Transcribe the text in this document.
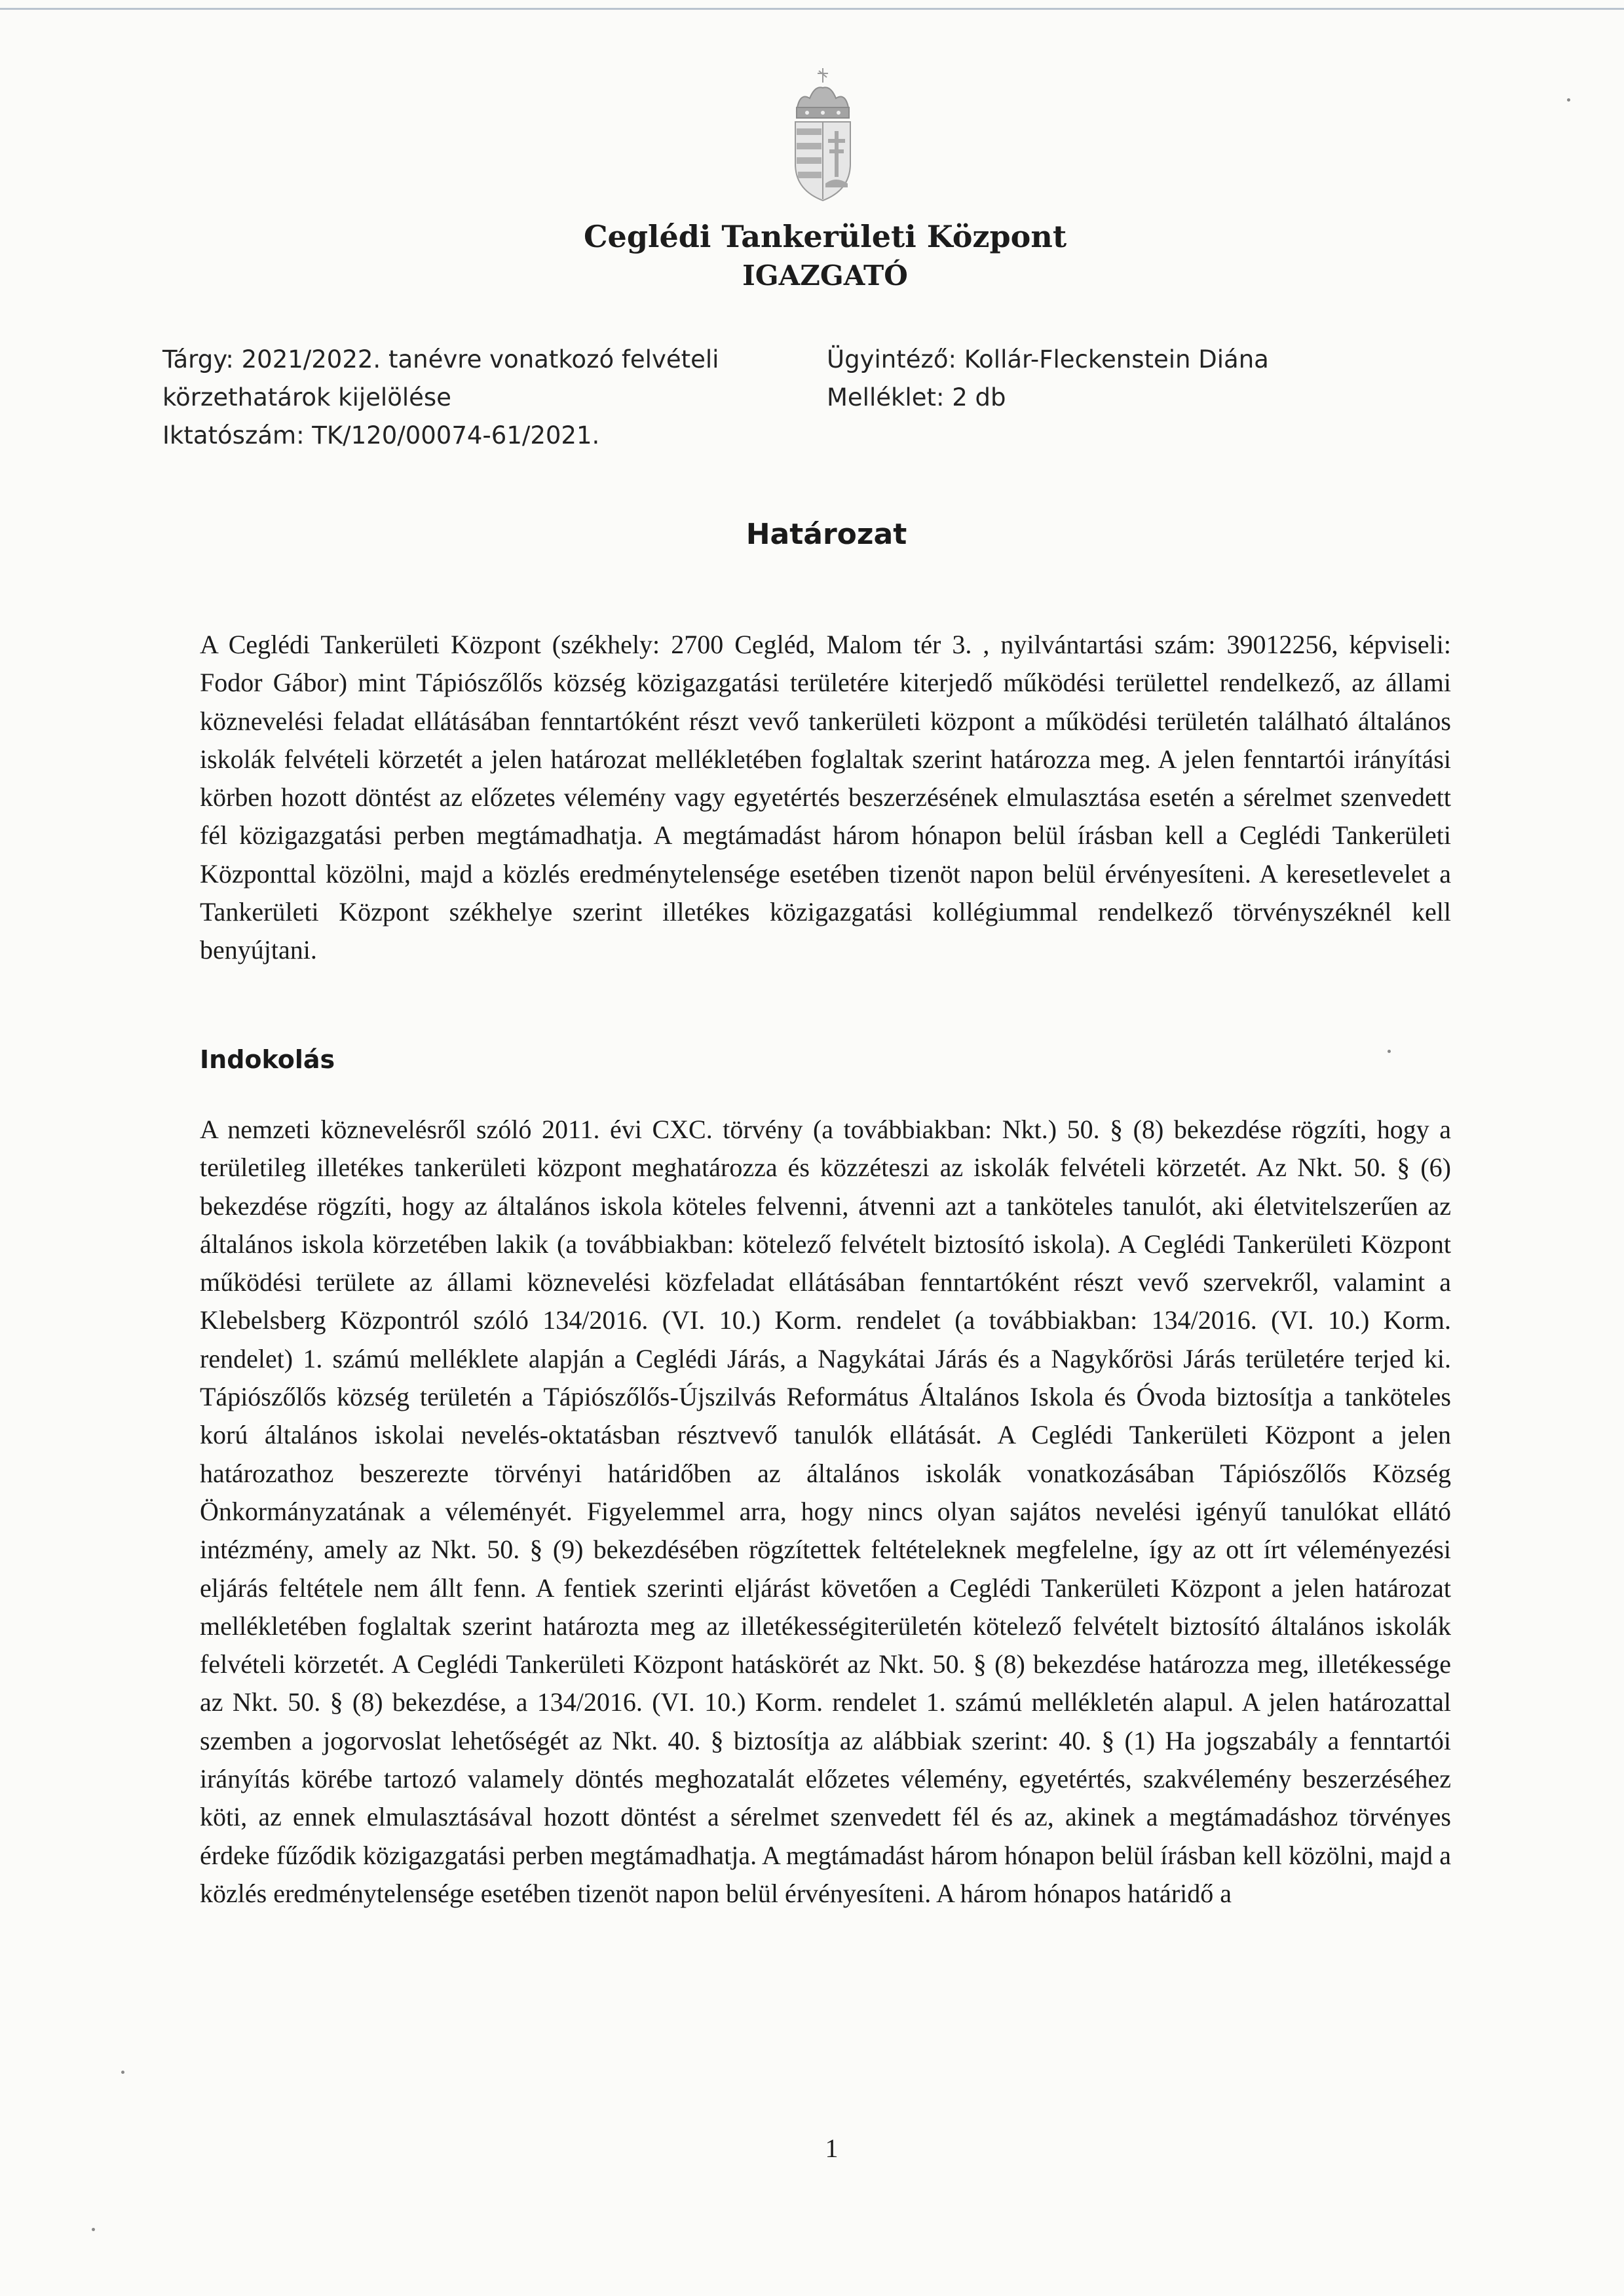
Ceglédi Tankerületi Központ
IGAZGATÓ
Tárgy: 2021/2022. tanévre vonatkozó felvételi
körzethatárok kijelölése
Iktatószám: TK/120/00074-61/2021.
Ügyintéző: Kollár-Fleckenstein Diána
Melléklet: 2 db
Határozat
A Ceglédi Tankerületi Központ (székhely: 2700 Cegléd, Malom tér 3. , nyilvántartási szám: 39012256, képviseli: Fodor Gábor) mint Tápiószőlős község közigazgatási területére kiterjedő működési területtel rendelkező, az állami köznevelési feladat ellátásában fenntartóként részt vevő tankerületi központ a működési területén található általános iskolák felvételi körzetét a jelen határozat mellékletében foglaltak szerint határozza meg. A jelen fenntartói irányítási körben hozott döntést az előzetes vélemény vagy egyetértés beszerzésének elmulasztása esetén a sérelmet szenvedett fél közigazgatási perben megtámadhatja. A megtámadást három hónapon belül írásban kell a Ceglédi Tankerületi Központtal közölni, majd a közlés eredménytelensége esetében tizenöt napon belül érvényesíteni. A keresetlevelet a Tankerületi Központ székhelye szerint illetékes közigazgatási kollégiummal rendelkező törvényszéknél kell benyújtani.
Indokolás
A nemzeti köznevelésről szóló 2011. évi CXC. törvény (a továbbiakban: Nkt.) 50. § (8) bekezdése rögzíti, hogy a területileg illetékes tankerületi központ meghatározza és közzéteszi az iskolák felvételi körzetét. Az Nkt. 50. § (6) bekezdése rögzíti, hogy az általános iskola köteles felvenni, átvenni azt a tanköteles tanulót, aki életvitelszerűen az általános iskola körzetében lakik (a továbbiakban: kötelező felvételt biztosító iskola). A Ceglédi Tankerületi Központ működési területe az állami köznevelési közfeladat ellátásában fenntartóként részt vevő szervekről, valamint a Klebelsberg Központról szóló 134/2016. (VI. 10.) Korm. rendelet (a továbbiakban: 134/2016. (VI. 10.) Korm. rendelet) 1. számú melléklete alapján a Ceglédi Járás, a Nagykátai Járás és a Nagykőrösi Járás területére terjed ki. Tápiószőlős község területén a Tápiószőlős-Újszilvás Református Általános Iskola és Óvoda biztosítja a tanköteles korú általános iskolai nevelés-oktatásban résztvevő tanulók ellátását. A Ceglédi Tankerületi Központ a jelen határozathoz beszerezte törvényi határidőben az általános iskolák vonatkozásában Tápiószőlős Község Önkormányzatának a véleményét. Figyelemmel arra, hogy nincs olyan sajátos nevelési igényű tanulókat ellátó intézmény, amely az Nkt. 50. § (9) bekezdésében rögzítettek feltételeknek megfelelne, így az ott írt véleményezési eljárás feltétele nem állt fenn. A fentiek szerinti eljárást követően a Ceglédi Tankerületi Központ a jelen határozat mellékletében foglaltak szerint határozta meg az illetékességiterületén kötelező felvételt biztosító általános iskolák felvételi körzetét. A Ceglédi Tankerületi Központ hatáskörét az Nkt. 50. § (8) bekezdése határozza meg, illetékessége az Nkt. 50. § (8) bekezdése, a 134/2016. (VI. 10.) Korm. rendelet 1. számú mellékletén alapul. A jelen határozattal szemben a jogorvoslat lehetőségét az Nkt. 40. § biztosítja az alábbiak szerint: 40. § (1) Ha jogszabály a fenntartói irányítás körébe tartozó valamely döntés meghozatalát előzetes vélemény, egyetértés, szakvélemény beszerzéséhez köti, az ennek elmulasztásával hozott döntést a sérelmet szenvedett fél és az, akinek a megtámadáshoz törvényes érdeke fűződik közigazgatási perben megtámadhatja. A megtámadást három hónapon belül írásban kell közölni, majd a közlés eredménytelensége esetében tizenöt napon belül érvényesíteni. A három hónapos határidő a
1
